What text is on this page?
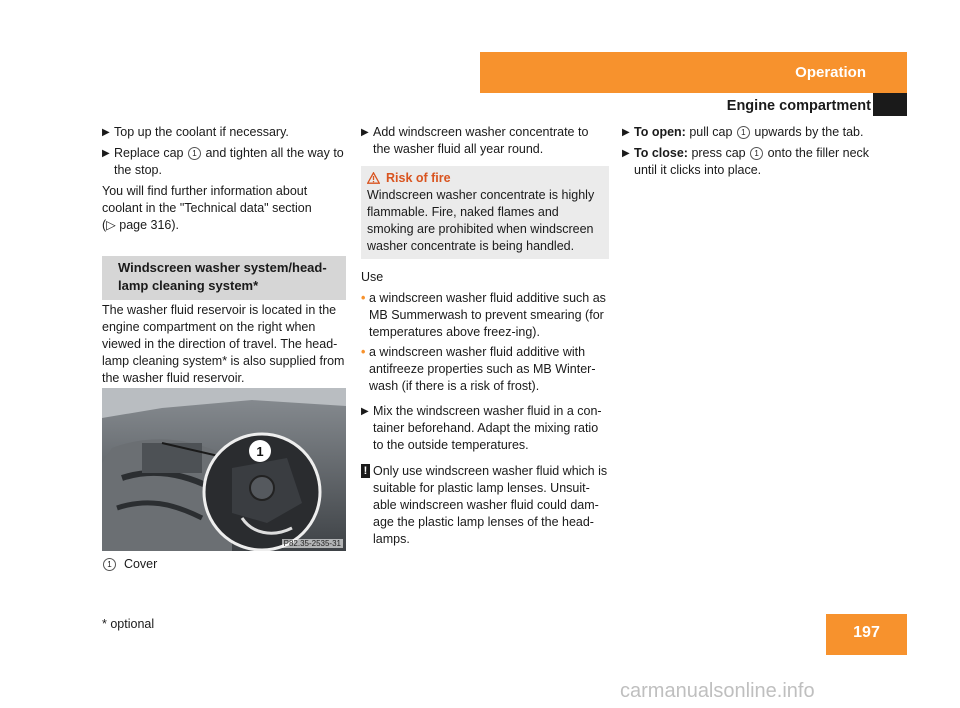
Operation
Engine compartment
▶ Top up the coolant if necessary.
▶ Replace cap 1 and tighten all the way to the stop.

You will find further information about coolant in the "Technical data" section
(▷ page 316).

Windscreen washer system/head-
lamp cleaning system*
The washer fluid reservoir is located in the engine compartment on the right when viewed in the direction of travel. The head-lamp cleaning system* is also supplied from the washer fluid reservoir.
1
P82.35-2535-31
1 Cover
▶ Add windscreen washer concentrate to the washer fluid all year round.
Risk of fire
Windscreen washer concentrate is highly flammable. Fire, naked flames and smoking are prohibited when windscreen washer concentrate is being handled.
Use
• a windscreen washer fluid additive such as MB Summerwash to prevent smearing (for temperatures above freez-ing).
• a windscreen washer fluid additive with antifreeze properties such as MB Winter-wash (if there is a risk of frost).
▶ Mix the windscreen washer fluid in a con-tainer beforehand. Adapt the mixing ratio to the outside temperatures.
! Only use windscreen washer fluid which is suitable for plastic lamp lenses. Unsuit-able windscreen washer fluid could dam-age the plastic lamp lenses of the head-lamps.
▶ To open: pull cap 1 upwards by the tab.
▶ To close: press cap 1 onto the filler neck until it clicks into place.
197
* optional
carmanualsonline.info
